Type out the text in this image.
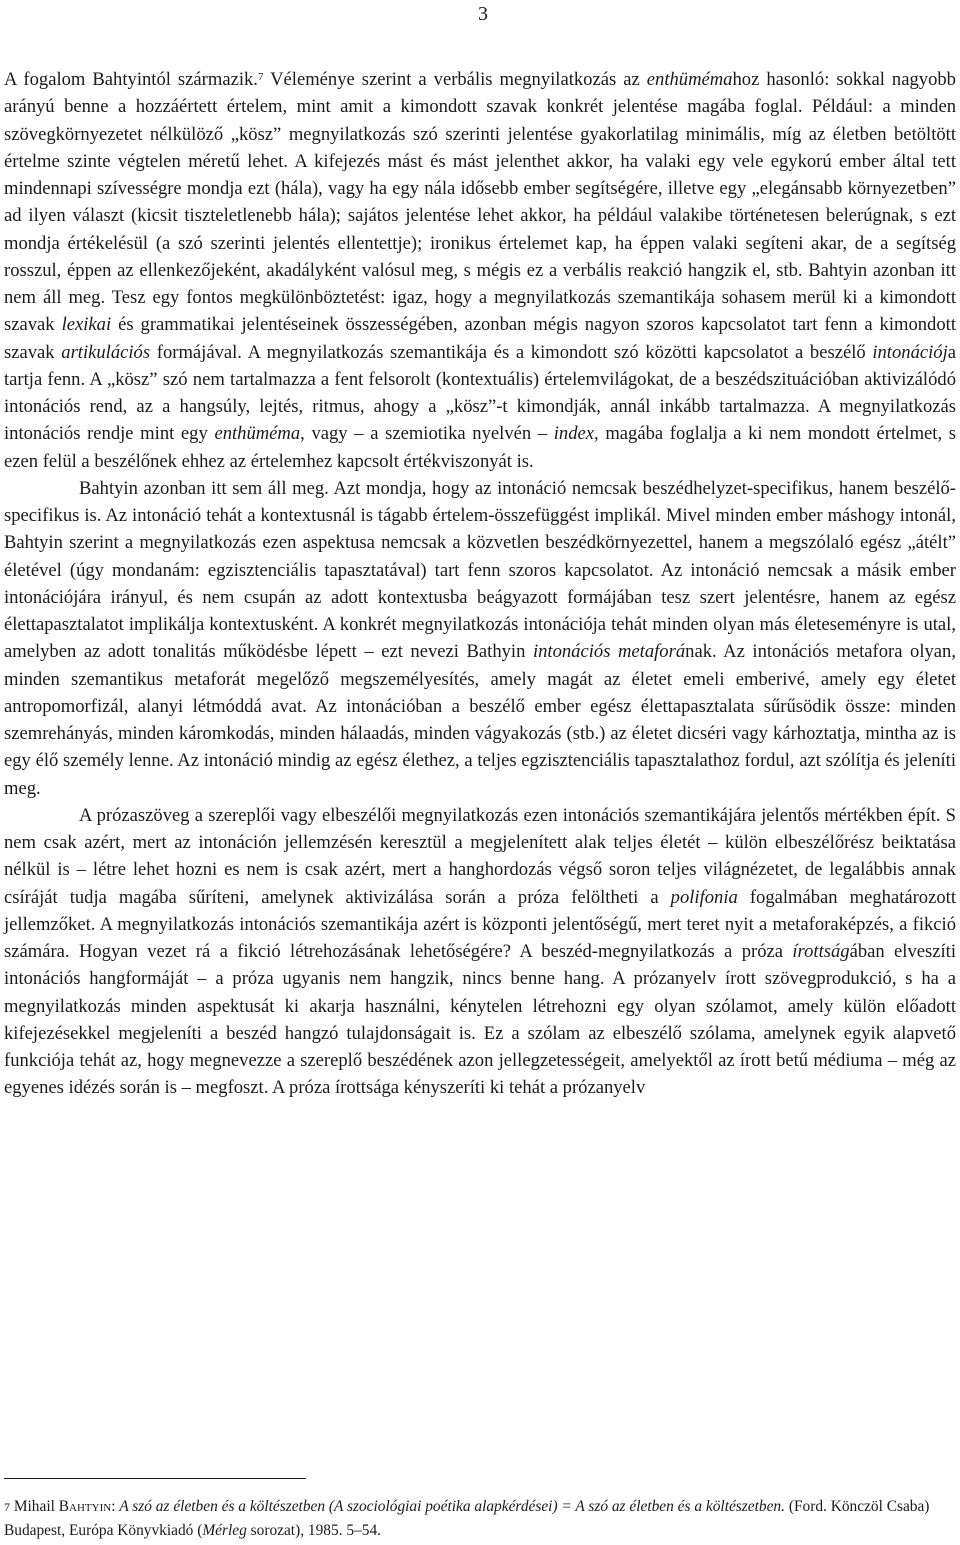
3

A fogalom Bahtyintól származik.$^7$ Véleménye szerint a verbális megnyilatkozás az enthümémahoz hasonló: sokkal nagyobb arányú benne a hozzáértett értelem, mint amit a kimondott szavak konkrét jelentése magába foglal. Például: a minden szövegkörnyezetet nélkülöző „kösz” megnyilatkozás szó szerinti jelentése gyakorlatilag minimális, míg az életben betöltött értelme szinte végtelen méretű lehet. A kifejezés mást és mást jelenthet akkor, ha valaki egy vele egykorú ember által tett mindennapi szívességre mondja ezt (hála), vagy ha egy nála idősebb ember segítségére, illetve egy „elegánsabb környezetben” ad ilyen választ (kicsit tiszteletlenebb hála); sajátos jelentése lehet akkor, ha például valakibe történetesen belerúgnak, s ezt mondja értékelésül (a szó szerinti jelentés ellentettje); ironikus értelemet kap, ha éppen valaki segíteni akar, de a segítség rosszul, éppen az ellenkezőjeként, akadályként valósul meg, s mégis ez a verbális reakció hangzik el, stb. Bahtyin azonban itt nem áll meg. Tesz egy fontos megkülönböztetést: igaz, hogy a megnyilatkozás szemantikája sohasem merül ki a kimondott szavak lexikai és grammatikai jelentéseinek összességében, azonban mégis nagyon szoros kapcsolatot tart fenn a kimondott szavak artikulációs formájával. A megnyilatkozás szemantikája és a kimondott szó közötti kapcsolatot a beszélő intonációja tartja fenn. A „kösz” szó nem tartalmazza a fent felsorolt (kontextuális) értelemvilágokat, de a beszédszituációban aktivizálódó intonációs rend, az a hangsúly, lejtés, ritmus, ahogy a „kösz”-t kimondják, annál inkább tartalmazza. A megnyilatkozás intonációs rendje mint egy enthüméma, vagy – a szemiotika nyelvén – index, magába foglalja a ki nem mondott értelmet, s ezen felül a beszélőnek ehhez az értelemhez kapcsolt értékviszonyát is.

Bahtyin azonban itt sem áll meg. Azt mondja, hogy az intonáció nemcsak beszédhelyzet-specifikus, hanem beszélő-specifikus is. Az intonáció tehát a kontextusnál is tágabb értelem-összefüggést implikál. Mivel minden ember máshogy intonál, Bahtyin szerint a megnyilatkozás ezen aspektusa nemcsak a közvetlen beszédkörnyezettel, hanem a megszólaló egész „átélt” életével (úgy mondanám: egzisztenciális tapasztatával) tart fenn szoros kapcsolatot. Az intonáció nemcsak a másik ember intonációjára irányul, és nem csupán az adott kontextusba beágyazott formájában tesz szert jelentésre, hanem az egész élettapasztalatot implikálja kontextusként. A konkrét megnyilatkozás intonációja tehát minden olyan más életeseményre is utal, amelyben az adott tonalitás működésbe lépett – ezt nevezi Bathyin intonációs metaforának. Az intonációs metafora olyan, minden szemantikus metaforát megelőző megszemélyesítés, amely magát az életet emeli emberivé, amely egy életet antropomorfizál, alanyi létmóddá avat. Az intonációban a beszélő ember egész élettapasztalata sűrűsödik össze: minden szemrehányás, minden káromkodás, minden hálaadás, minden vágyakozás (stb.) az életet dicséri vagy kárhoztatja, mintha az is egy élő személy lenne. Az intonáció mindig az egész élethez, a teljes egzisztenciális tapasztalathoz fordul, azt szólítja és jeleníti meg.

A prózaszöveg a szereplői vagy elbeszélői megnyilatkozás ezen intonációs szemantikájára jelentős mértékben épít. S nem csak azért, mert az intonáción jellemzésén keresztül a megjelenített alak teljes életét – külön elbeszélőrész beiktatása nélkül is – létre lehet hozni es nem is csak azért, mert a hanghordozás végső soron teljes világnézetet, de legalábbis annak csíráját tudja magába sűríteni, amelynek aktivizálása során a próza felöltheti a polifonia fogalmában meghatározott jellemzőket. A megnyilatkozás intonációs szemantikája azért is központi jelentőségű, mert teret nyit a metaforaképzés, a fikció számára. Hogyan vezet rá a fikció létrehozásának lehetőségére? A beszéd-megnyilatkozás a próza írottságában elveszíti intonációs hangformáját – a próza ugyanis nem hangzik, nincs benne hang. A prózanyelv írott szövegprodukció, s ha a megnyilatkozás minden aspektusát ki akarja használni, kénytelen létrehozni egy olyan szólamot, amely külön előadott kifejezésekkel megjeleníti a beszéd hangzó tulajdonságait is. Ez a szólam az elbeszélő szólama, amelynek egyik alapvető funkciója tehát az, hogy megnevezze a szereplő beszédének azon jellegzetességeit, amelyektől az írott betű médiuma – még az egyenes idézés során is – megfoszt. A próza írottsága kényszeríti ki tehát a prózanyelv

7 Mihail Bahtyin: A szó az életben és a költészetben (A szociológiai poétika alapkérdései) = A szó az életben és a költészetben. (Ford. Könczöl Csaba) Budapest, Európa Könyvkiadó (Mérleg sorozat), 1985. 5–54.
